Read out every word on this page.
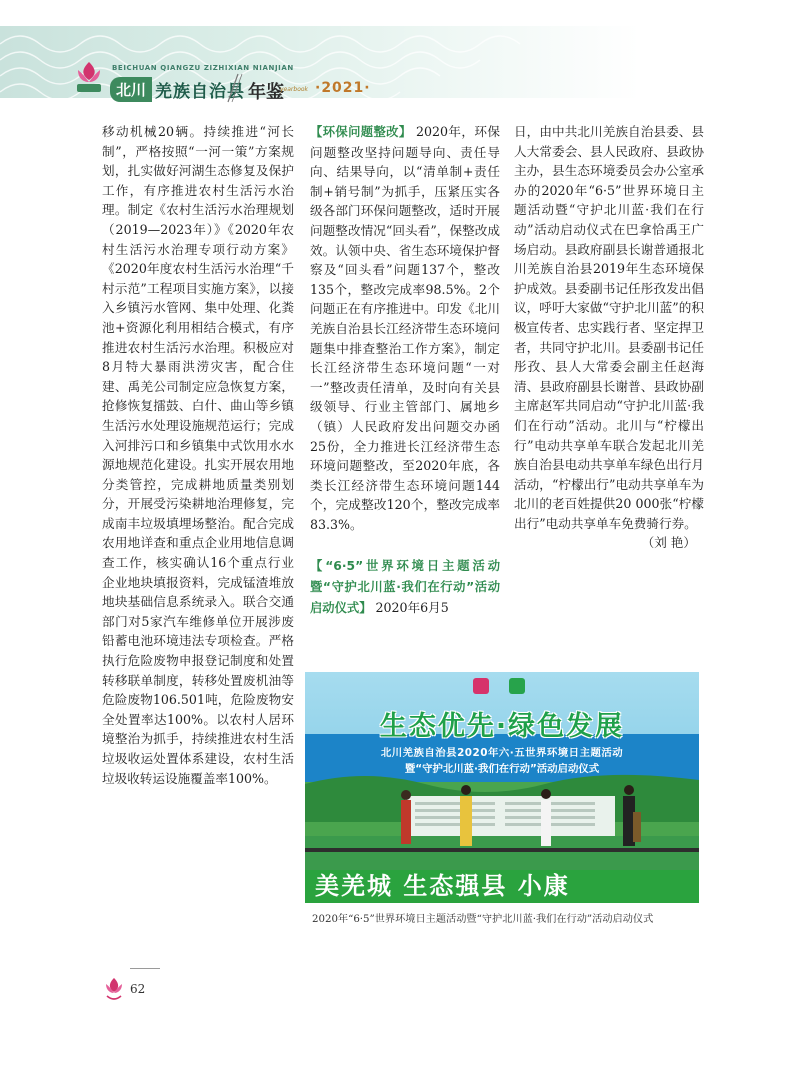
BEICHUAN QIANGZU ZIZHIXIAN NIANJIAN
北川 羌族自治县 年鉴
yearbook ·2021·

移动机械20辆。持续推进“河长制”，严格按照“一河一策”方案规划，扎实做好河湖生态修复及保护工作，有序推进农村生活污水治理。制定《农村生活污水治理规划（2019—2023年）》《2020年农村生活污水治理专项行动方案》《2020年度农村生活污水治理“千村示范”工程项目实施方案》，以接入乡镇污水管网、集中处理、化粪池+资源化利用相结合模式，有序推进农村生活污水治理。积极应对8月特大暴雨洪涝灾害，配合住建、禹羌公司制定应急恢复方案，抢修恢复擂鼓、白什、曲山等乡镇生活污水处理设施规范运行；完成入河排污口和乡镇集中式饮用水水源地规范化建设。扎实开展农用地分类管控，完成耕地质量类别划分，开展受污染耕地治理修复，完成南丰垃圾填埋场整治。配合完成农用地详查和重点企业用地信息调查工作，核实确认16个重点行业企业地块填报资料，完成锰渣堆放地块基础信息系统录入。联合交通部门对5家汽车维修单位开展涉废铅蓄电池环境违法专项检查。严格执行危险废物申报登记制度和处置转移联单制度，转移处置废机油等危险废物106.501吨，危险废物安全处置率达100%。以农村人居环境整治为抓手，持续推进农村生活垃圾收运处置体系建设，农村生活垃圾收转运设施覆盖率100%。

【环保问题整改】 2020年，环保问题整改坚持问题导向、责任导向、结果导向，以“清单制+责任制+销号制”为抓手，压紧压实各级各部门环保问题整改，适时开展问题整改情况“回头看”，保整改成效。认领中央、省生态环境保护督察及“回头看”问题137个，整改135个，整改完成率98.5%。2个问题正在有序推进中。印发《北川羌族自治县长江经济带生态环境问题集中排查整治工作方案》，制定长江经济带生态环境问题“一对一”整改责任清单，及时向有关县级领导、行业主管部门、属地乡（镇）人民政府发出问题交办函25份，全力推进长江经济带生态环境问题整改，至2020年底，各类长江经济带生态环境问题144个，完成整改120个，整改完成率83.3%。

【“6·5”世界环境日主题活动暨“守护北川蓝·我们在行动”活动启动仪式】 2020年6月5

日，由中共北川羌族自治县委、县人大常委会、县人民政府、县政协主办，县生态环境委员会办公室承办的2020年“6·5”世界环境日主题活动暨“守护北川蓝·我们在行动”活动启动仪式在巴拿恰禹王广场启动。县政府副县长谢普通报北川羌族自治县2019年生态环境保护成效。县委副书记任彤孜发出倡议，呼吁大家做“守护北川蓝”的积极宣传者、忠实践行者、坚定捍卫者，共同守护北川。县委副书记任彤孜、县人大常委会副主任赵海清、县政府副县长谢普、县政协副主席赵军共同启动“守护北川蓝·我们在行动”活动。北川与“柠檬出行”电动共享单车联合发起北川羌族自治县电动共享单车绿色出行月活动，“柠檬出行”电动共享单车为北川的老百姓提供20 000张“柠檬出行”电动共享单车免费骑行券。

（刘 艳）
生态优先·绿色发展
北川羌族自治县2020年六·五世界环境日主题活动
暨“守护北川蓝·我们在行动”活动启动仪式
美羌城 生态强县 小康
2020年“6·5”世界环境日主题活动暨“守护北川蓝·我们在行动”活动启动仪式
62
